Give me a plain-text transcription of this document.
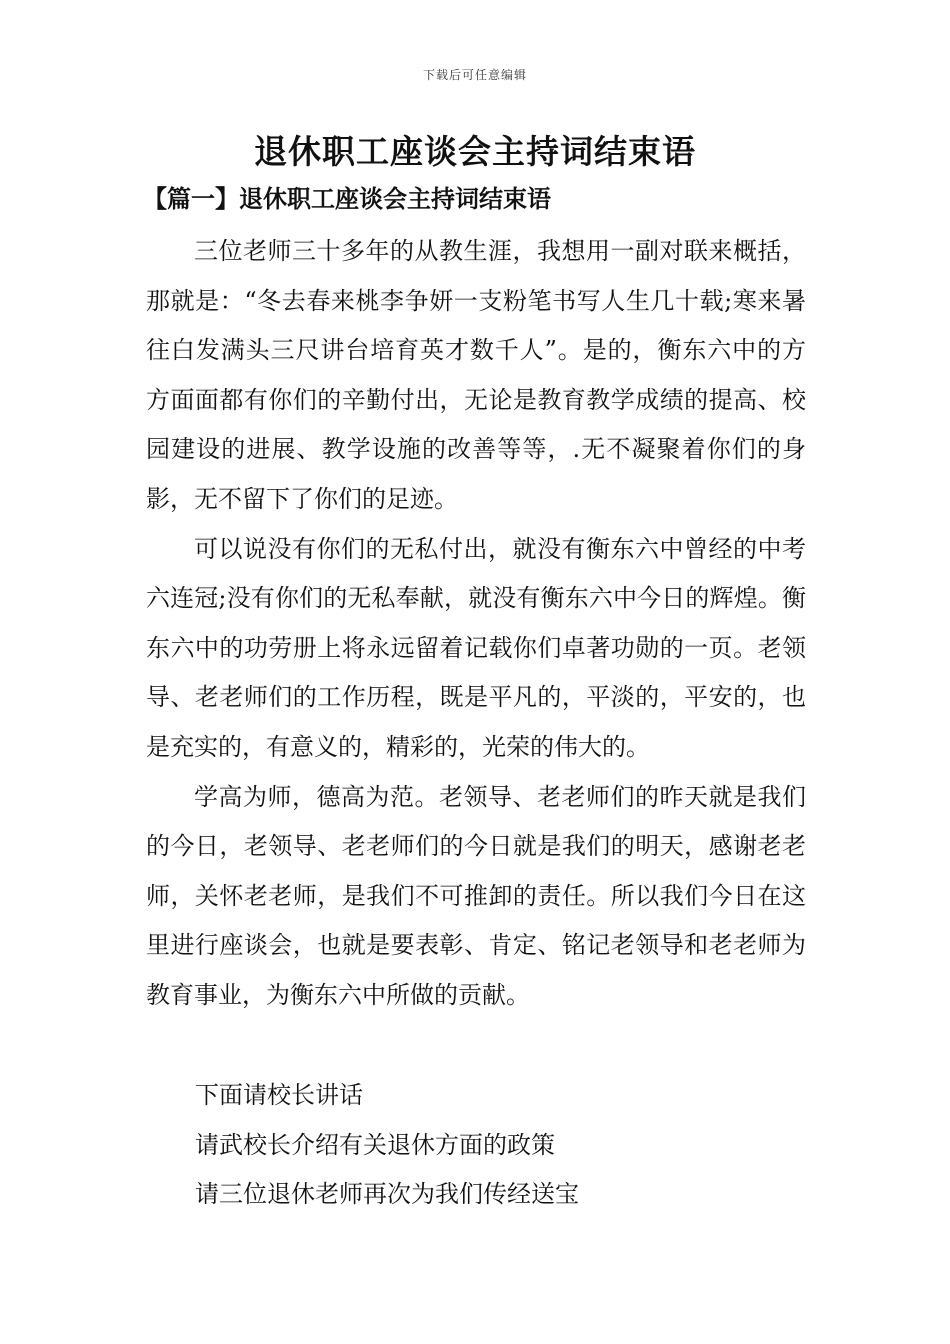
下载后可任意编辑
退休职工座谈会主持词结束语
【篇一】退休职工座谈会主持词结束语

三位老师三十多年的从教生涯，我想用一副对联来概括，那就是：“冬去春来桃李争妍一支粉笔书写人生几十载;寒来暑往白发满头三尺讲台培育英才数千人”。是的，衡东六中的方方面面都有你们的辛勤付出，无论是教育教学成绩的提高、校园建设的进展、教学设施的改善等等，.无不凝聚着你们的身影，无不留下了你们的足迹。

可以说没有你们的无私付出，就没有衡东六中曾经的中考六连冠;没有你们的无私奉献，就没有衡东六中今日的辉煌。衡东六中的功劳册上将永远留着记载你们卓著功勋的一页。老领导、老老师们的工作历程，既是平凡的，平淡的，平安的，也是充实的，有意义的，精彩的，光荣的伟大的。

学高为师，德高为范。老领导、老老师们的昨天就是我们的今日，老领导、老老师们的今日就是我们的明天，感谢老老师，关怀老老师，是我们不可推卸的责任。所以我们今日在这里进行座谈会，也就是要表彰、肯定、铭记老领导和老老师为教育事业，为衡东六中所做的贡献。

下面请校长讲话

请武校长介绍有关退休方面的政策

请三位退休老师再次为我们传经送宝
